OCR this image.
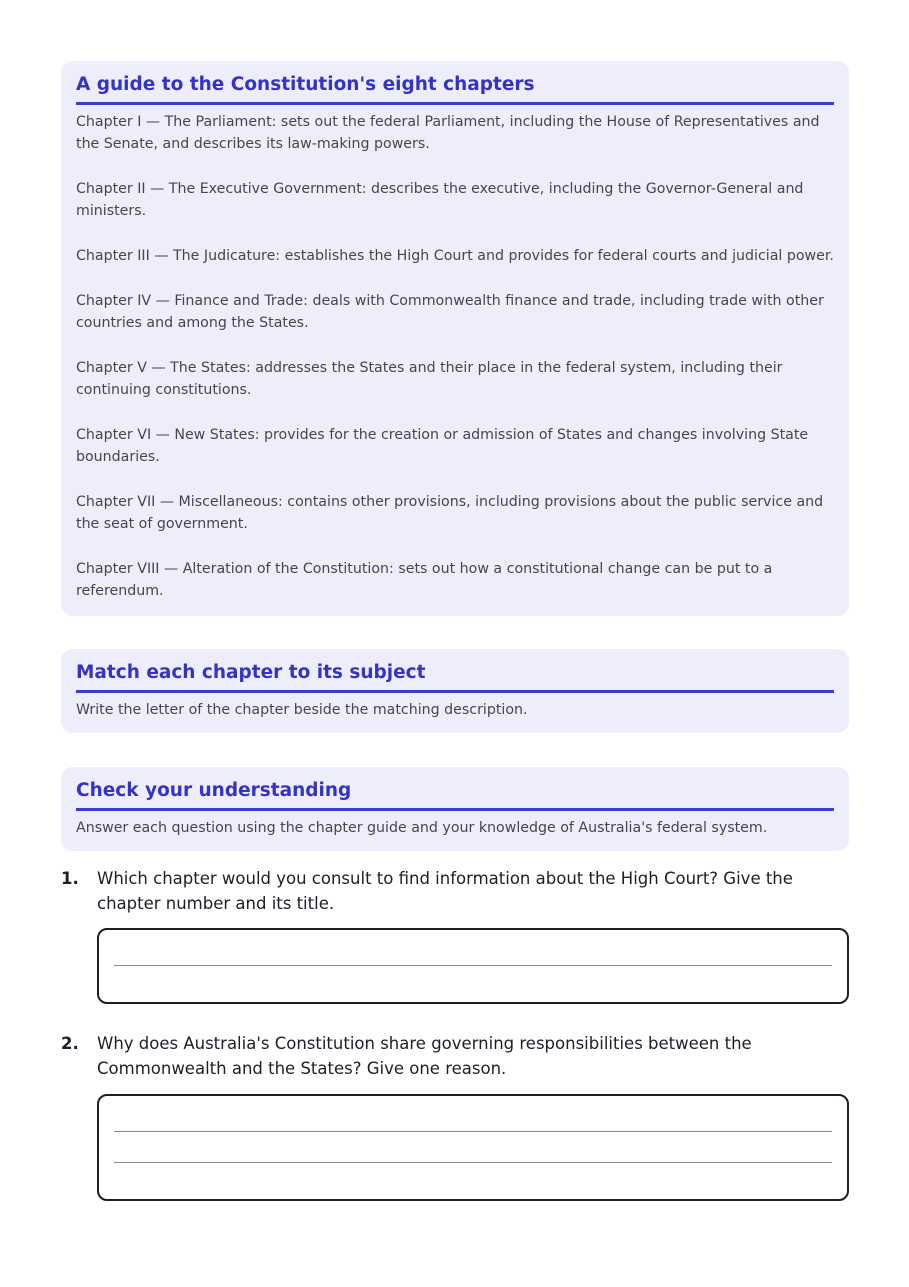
A guide to the Constitution's eight chapters

Chapter I — The Parliament: sets out the federal Parliament, including the House of Representatives and the Senate, and describes its law-making powers.

Chapter II — The Executive Government: describes the executive, including the Governor-General and ministers.

Chapter III — The Judicature: establishes the High Court and provides for federal courts and judicial power.

Chapter IV — Finance and Trade: deals with Commonwealth finance and trade, including trade with other countries and among the States.

Chapter V — The States: addresses the States and their place in the federal system, including their continuing constitutions.

Chapter VI — New States: provides for the creation or admission of States and changes involving State boundaries.

Chapter VII — Miscellaneous: contains other provisions, including provisions about the public service and the seat of government.

Chapter VIII — Alteration of the Constitution: sets out how a constitutional change can be put to a referendum.

Match each chapter to its subject
Write the letter of the chapter beside the matching description.
Check your understanding
Answer each question using the chapter guide and your knowledge of Australia's federal system.
1. Which chapter would you consult to find information about the High Court? Give the chapter number and its title.
2. Why does Australia's Constitution share governing responsibilities between the Commonwealth and the States? Give one reason.
